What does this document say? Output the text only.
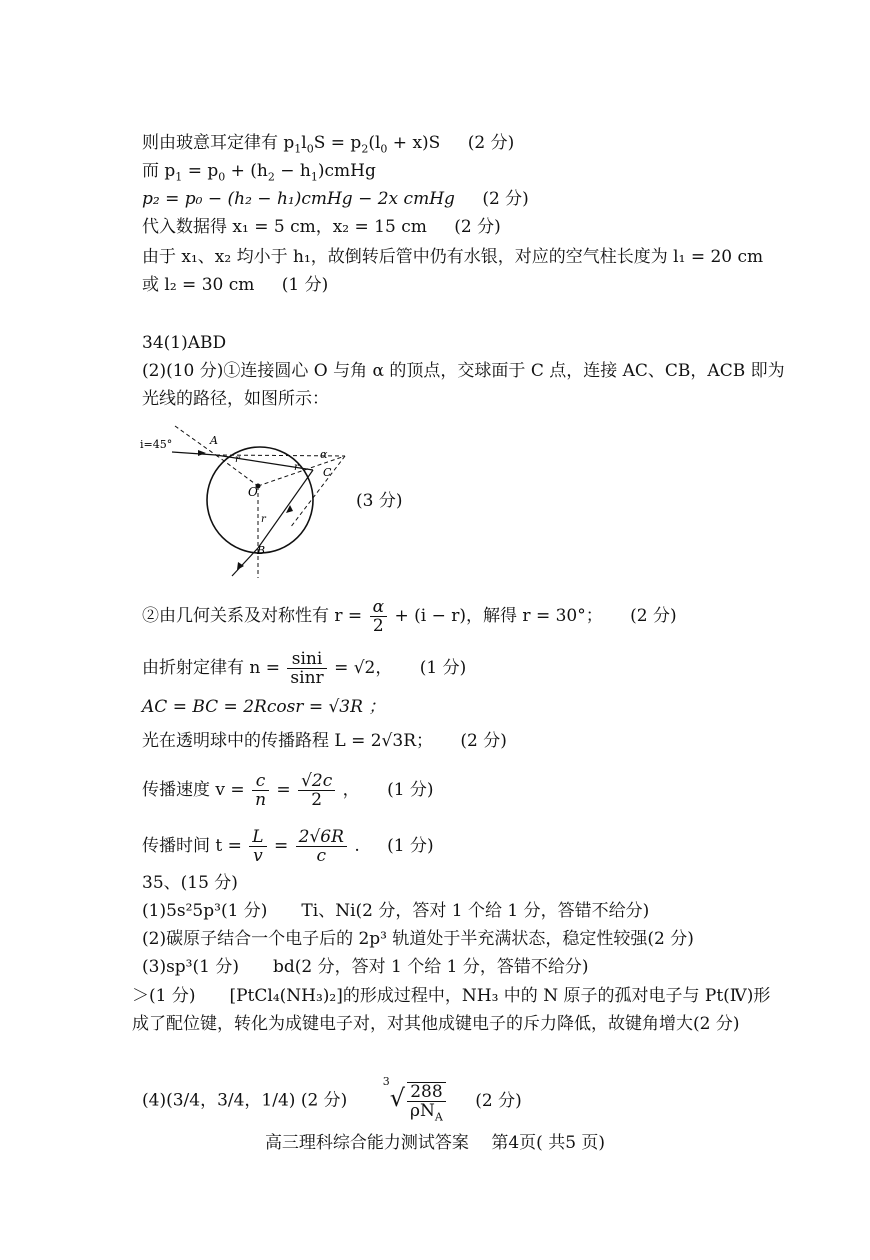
则由玻意耳定律有 $p_1l_0S = p_2(l_0 + x)S$ (2 分)
而 $p_1 = p_0 + (h_2$ − $h_1)cmHg$
p₂ = p₀ − (h₂ − h₁)cmHg − 2x cmHg (2 分)
代入数据得 x₁ = 5 cm，x₂ = 15 cm (2 分)
由于 x₁、x₂ 均小于 h₁，故倒转后管中仍有水银，对应的空气柱长度为 l₁ = 20 cm
或 l₂ = 30 cm (1 分)
34(1)ABD
(2)(10 分)①连接圆心 O 与角 α 的顶点，交球面于 C 点，连接 AC、CB，ACB 即为
光线的路径，如图所示：
i=45°	A
r
O
α
C
r
r
B
(3 分)
②由几何关系及对称性有 $r = \frac{\alpha}{2} + (i - r)$，解得 r = 30°； (2 分)
由折射定律有 $n = \frac{\sin i}{\sin r} = √2$， (1 分)
AC = BC = 2Rcosr = √3R ；
光在透明球中的传播路程 L = 2√3R； (2 分)
传播速度 $v = \frac{c}{n} = \frac{√2c}{2}$ ， (1 分)
传播时间 $t = \frac{L}{v} = \frac{2√6R}{c}$ . (1 分)
35、(15 分)
(1)5s²5p³(1 分)　　Ti、Ni(2 分，答对 1 个给 1 分，答错不给分)
(2)碳原子结合一个电子后的 2p³ 轨道处于半充满状态，稳定性较强(2 分)
(3)sp³(1 分)　　bd(2 分，答对 1 个给 1 分，答错不给分)
＞(1 分)　　[PtCl₄(NH₃)₂]的形成过程中，NH₃ 中的 N 原子的孤对电子与 Pt(Ⅳ)形成了配位键，转化为成键电子对，对其他成键电子的斥力降低，故键角增大(2 分)
(4)(3/4，3/4，1/4) (2 分) $^3√ \frac{288}{\rho N_A} (2$ 分)
高三理科综合能力测试答案　 第4页( 共5 页)
